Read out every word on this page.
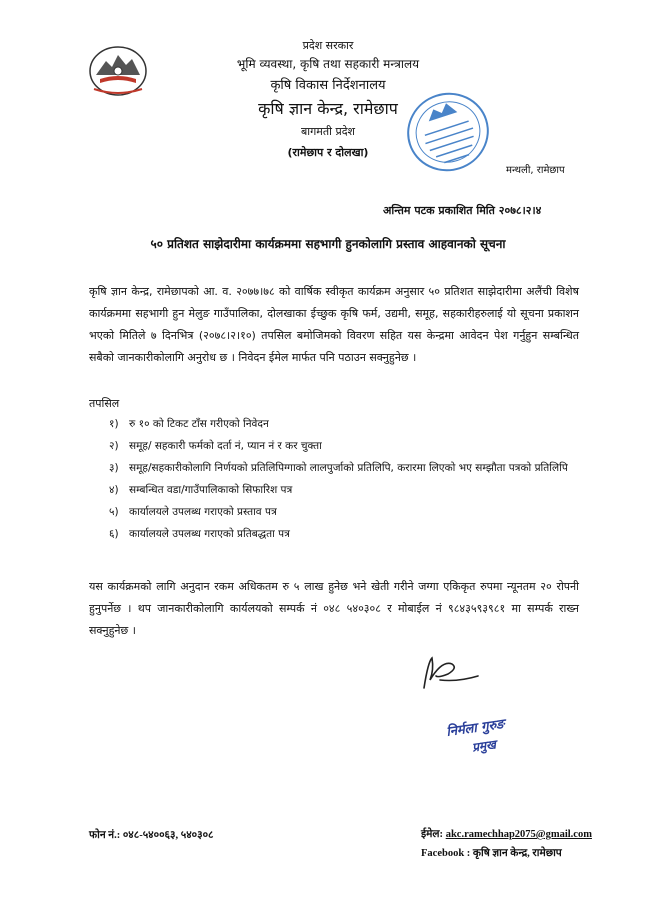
प्रदेश सरकार
भूमि व्यवस्था, कृषि तथा सहकारी मन्त्रालय
कृषि विकास निर्देशनालय
कृषि ज्ञान केन्द्र, रामेछाप
बागमती प्रदेश
(रामेछाप र दोलखा)
मन्थली, रामेछाप
अन्तिम पटक प्रकाशित मिति २०७८।२।४
५० प्रतिशत साझेदारीमा कार्यक्रममा सहभागी हुनकोलागि प्रस्ताव आहवानको सूचना
कृषि ज्ञान केन्द्र, रामेछापको आ. व. २०७७।७८ को वार्षिक स्वीकृत कार्यक्रम अनुसार ५० प्रतिशत साझेदारीमा अलैंची विशेष कार्यक्रममा सहभागी हुन मेलुङ गाउँपालिका, दोलखाका ईच्छुक कृषि फर्म, उद्यमी, समूह, सहकारीहरुलाई यो सूचना प्रकाशन भएको मितिले ७ दिनभित्र (२०७८।२।१०) तपसिल बमोजिमको विवरण सहित यस केन्द्रमा आवेदन पेश गर्नुहुन सम्बन्धित सबैको जानकारीकोलागि अनुरोध छ । निवेदन ईमेल मार्फत पनि पठाउन सक्नुहुनेछ ।
तपसिल
१) रु १० को टिकट टाँस गरीएको निवेदन
२) समूह/ सहकारी फर्मको दर्ता नं, प्यान नं र कर चुक्ता
३) समूह/सहकारीकोलागि निर्णयको प्रतिलिपिग्गाको लालपुर्जाको प्रतिलिपि, करारमा लिएको भए सम्झौता पत्रको प्रतिलिपि
४) सम्बन्धित वडा/गाउँपालिकाको सिफारिश पत्र
५) कार्यालयले उपलब्ध गराएको प्रस्ताव पत्र
६) कार्यालयले उपलब्ध गराएको प्रतिबद्धता पत्र
यस कार्यक्रमको लागि अनुदान रकम अधिकतम रु ५ लाख हुनेछ भने खेती गरीने जग्गा एकिकृत रुपमा न्यूनतम २० रोपनी हुनुपर्नेछ । थप जानकारीकोलागि कार्यलयको सम्पर्क नं ०४८ ५४०३०८ र मोबाईल नं ९८४३५९३९८१ मा सम्पर्क राख्न सक्नुहुनेछ ।
निर्मला गुरुङ
प्रमुख
फोन नं.: ०४८-५४००६३, ५४०३०८	ईमेल: akc.ramechhap2075@gmail.com
Facebook : कृषि ज्ञान केन्द्र, रामेछाप
